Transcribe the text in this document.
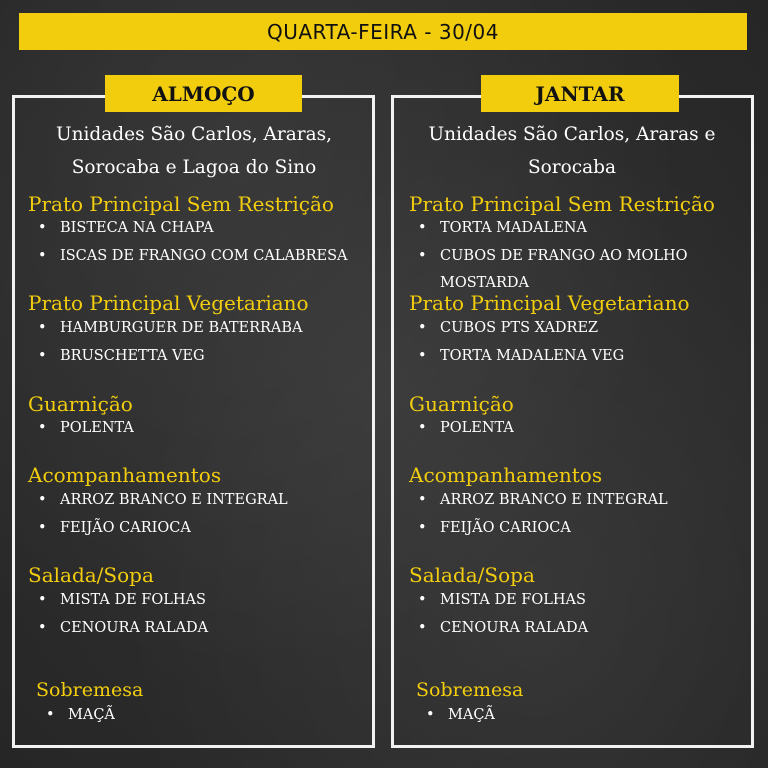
QUARTA-FEIRA - 30/04
ALMOÇO	JANTAR
Unidades São Carlos, Araras,
Sorocaba e Lagoa do Sino
Unidades São Carlos, Araras e
Sorocaba
Prato Principal Sem Restrição
• BISTECA NA CHAPA
• ISCAS DE FRANGO COM CALABRESA
Prato Principal Vegetariano
• HAMBURGUER DE BATERRABA
• BRUSCHETTA VEG
Guarnição
• POLENTA
Acompanhamentos
• ARROZ BRANCO E INTEGRAL
• FEIJÃO CARIOCA
Salada/Sopa
• MISTA DE FOLHAS
• CENOURA RALADA
Sobremesa
• MAÇÃ
Prato Principal Sem Restrição
• TORTA MADALENA
• CUBOS DE FRANGO AO MOLHO
MOSTARDA
Prato Principal Vegetariano
• CUBOS PTS XADREZ
• TORTA MADALENA VEG
Guarnição
• POLENTA
Acompanhamentos
• ARROZ BRANCO E INTEGRAL
• FEIJÃO CARIOCA
Salada/Sopa
• MISTA DE FOLHAS
• CENOURA RALADA
Sobremesa
• MAÇÃ
